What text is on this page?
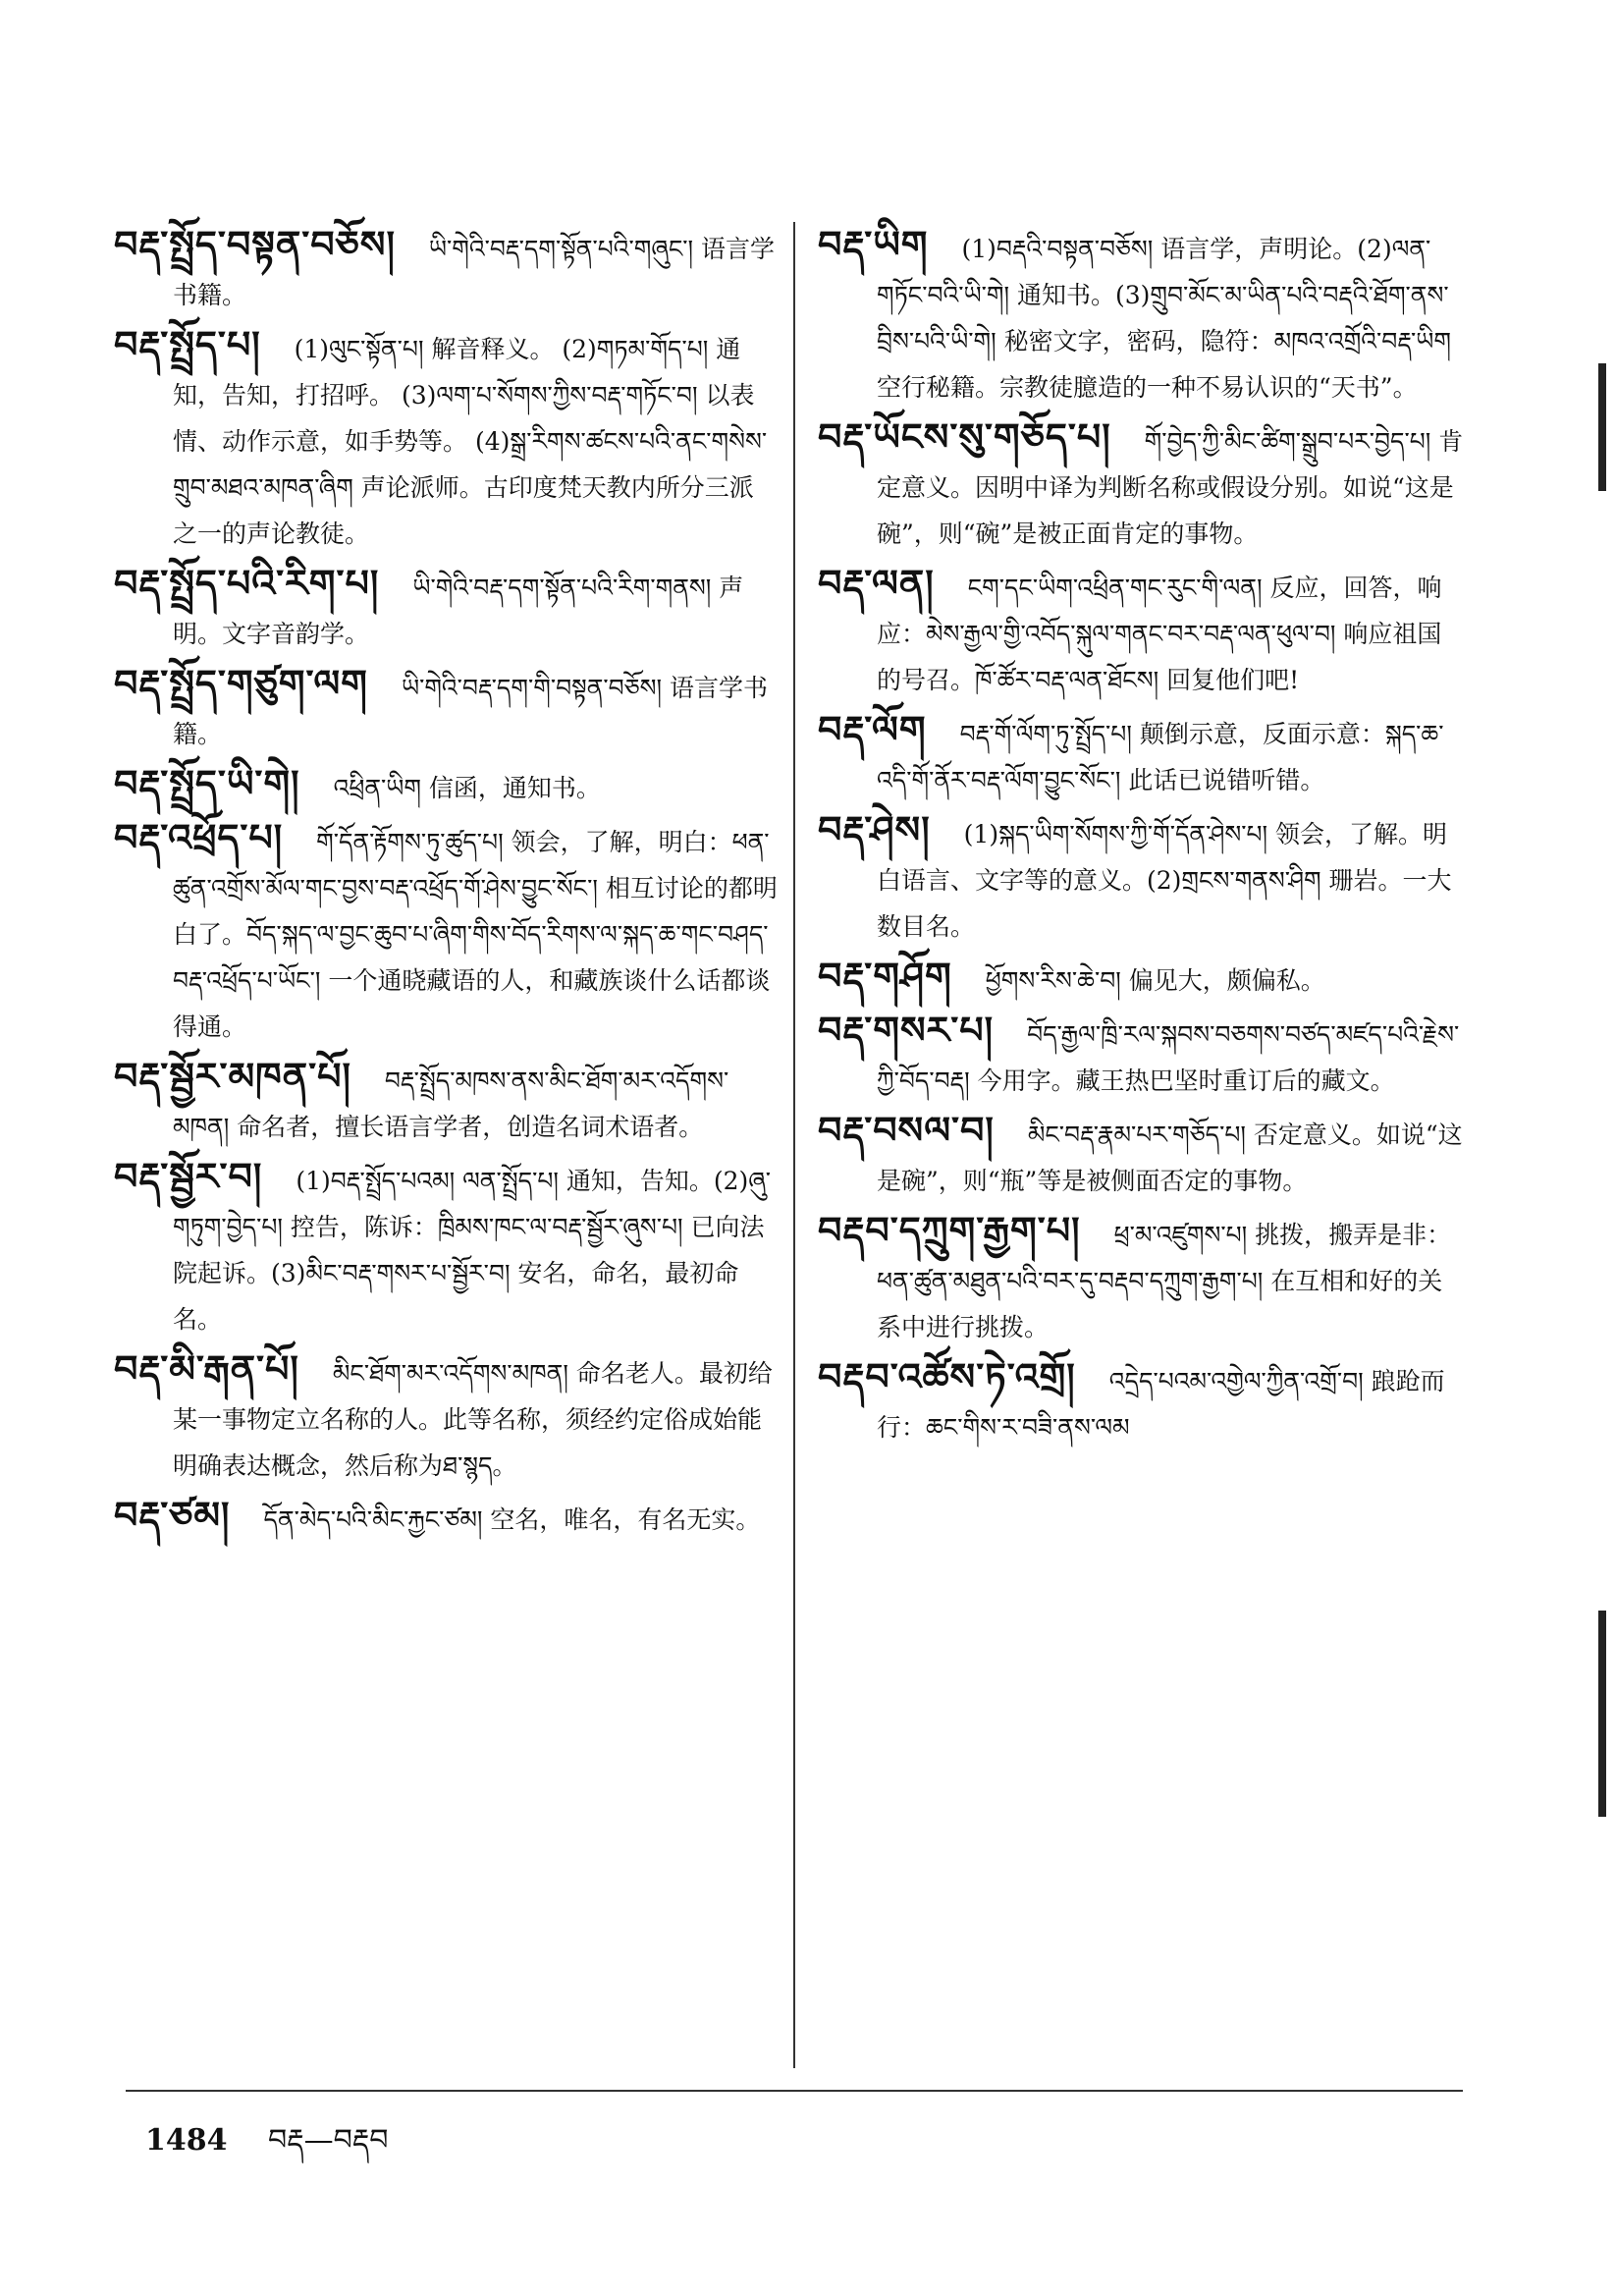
བརྡ་སྤྲོད་བསྟན་བཅོས། ཡི་གེའི་བརྡ་དག་སྟོན་པའི་གཞུང་། 语言学书籍。

བརྡ་སྤྲོད་པ། (1)ལུང་སྟོན་པ། 解音释义。 (2)གཏམ་གོད་པ། 通知，告知，打招呼。 (3)ལག་པ་སོགས་ཀྱིས་བརྡ་གཏོང་བ། 以表情、动作示意，如手势等。 (4)སྒྲ་རིགས་ཚངས་པའི་ནང་གསེས་གྲུབ་མཐའ་མཁན་ཞིག 声论派师。古印度梵天教内所分三派之一的声论教徒。

བརྡ་སྤྲོད་པའི་རིག་པ། ཡི་གེའི་བརྡ་དག་སྟོན་པའི་རིག་གནས། 声明。文字音韵学。

བརྡ་སྤྲོད་གཙུག་ལག ཡི་གེའི་བརྡ་དག་གི་བསྟན་བཅོས། 语言学书籍。

བརྡ་སྤྲོད་ཡི་གེ། འཕྲིན་ཡིག 信函，通知书。

བརྡ་འཕྲོད་པ། གོ་དོན་རྟོགས་ཏུ་ཚུད་པ། 领会，了解，明白：ཕན་ཚུན་འགྲོས་མོལ་གང་བྱས་བརྡ་འཕྲོད་གོ་ཤེས་བྱུང་སོང་། 相互讨论的都明白了。བོད་སྐད་ལ་བྱང་ཆུབ་པ་ཞིག་གིས་བོད་རིགས་ལ་སྐད་ཆ་གང་བཤད་བརྡ་འཕྲོད་པ་ཡོང་། 一个通晓藏语的人，和藏族谈什么话都谈得通。

བརྡ་སྦྱོར་མཁན་པོ། བརྡ་སྤྲོད་མཁས་ནས་མིང་ཐོག་མར་འདོགས་མཁན། 命名者，擅长语言学者，创造名词术语者。

བརྡ་སྦྱོར་བ། (1)བརྡ་སྤྲོད་པའམ། ལན་སྤྲོད་པ། 通知，告知。(2)ཞུ་གཏུག་བྱེད་པ། 控告，陈诉：ཁྲིམས་ཁང་ལ་བརྡ་སྦྱོར་ཞུས་པ། 已向法院起诉。(3)མིང་བརྡ་གསར་པ་སྦྱོར་བ། 安名，命名，最初命名。

བརྡ་མི་རྒན་པོ། མིང་ཐོག་མར་འདོགས་མཁན། 命名老人。最初给某一事物定立名称的人。此等名称，须经约定俗成始能明确表达概念，然后称为ཐ་སྙད。

བརྡ་ཙམ། དོན་མེད་པའི་མིང་རྐྱང་ཙམ། 空名，唯名，有名无实。

བརྡ་ཡིག (1)བརྡའི་བསྟན་བཅོས། 语言学，声明论。(2)ལན་གཏོང་བའི་ཡི་གེ། 通知书。(3)གྲུབ་མོང་མ་ཡིན་པའི་བརྡའི་ཐོག་ནས་བྲིས་པའི་ཡི་གེ། 秘密文字，密码，隐符：མཁའ་འགྲོའི་བརྡ་ཡིག 空行秘籍。宗教徒臆造的一种不易认识的“天书”。

བརྡ་ཡོངས་སུ་གཅོད་པ། གོ་བྱེད་ཀྱི་མིང་ཚིག་སྒྲུབ་པར་བྱེད་པ། 肯定意义。因明中译为判断名称或假设分别。如说“这是碗”，则“碗”是被正面肯定的事物。

བརྡ་ལན། ངག་དང་ཡིག་འཕྲིན་གང་རུང་གི་ལན། 反应，回答，响应：མེས་རྒྱལ་གྱི་འབོད་སྐུལ་གནང་བར་བརྡ་ལན་ཕུལ་བ། 响应祖国的号召。ཁོ་ཚོར་བརྡ་ལན་ཐོངས། 回复他们吧!

བརྡ་ལོག བརྡ་གོ་ལོག་ཏུ་སྤྲོད་པ། 颠倒示意，反面示意：སྐད་ཆ་འདི་གོ་ནོར་བརྡ་ལོག་བྱུང་སོང་། 此话已说错听错。

བརྡ་ཤེས། (1)སྐད་ཡིག་སོགས་ཀྱི་གོ་དོན་ཤེས་པ། 领会，了解。明白语言、文字等的意义。(2)གྲངས་གནས་ཤིག 珊岩。一大数目名。

བརྡ་གཤོག ཕྱོགས་རིས་ཆེ་བ། 偏见大，颇偏私。

བརྡ་གསར་པ། བོད་རྒྱལ་ཁྲི་རལ་སྐབས་བཅགས་བཙད་མཛད་པའི་རྗེས་ཀྱི་བོད་བརྡ། 今用字。藏王热巴坚时重订后的藏文。

བརྡ་བསལ་བ། མིང་བརྡ་རྣམ་པར་གཅོད་པ། 否定意义。如说“这是碗”，则“瓶”等是被侧面否定的事物。

བརྡབ་དཀྲུག་རྒྱག་པ། ཕྲ་མ་འཛུགས་པ། 挑拨，搬弄是非：ཕན་ཚུན་མཐུན་པའི་བར་དུ་བརྡབ་དཀྲུག་རྒྱག་པ། 在互相和好的关系中进行挑拨。

བརྡབ་འཚོས་ཏེ་འགྲོ། འདྲེད་པའམ་འགྱེལ་ཀྱིན་འགྲོ་བ། 踉跄而行：ཆང་གིས་ར་བཟི་ནས་ལམ

1484 བརྡ—བརྡབ
